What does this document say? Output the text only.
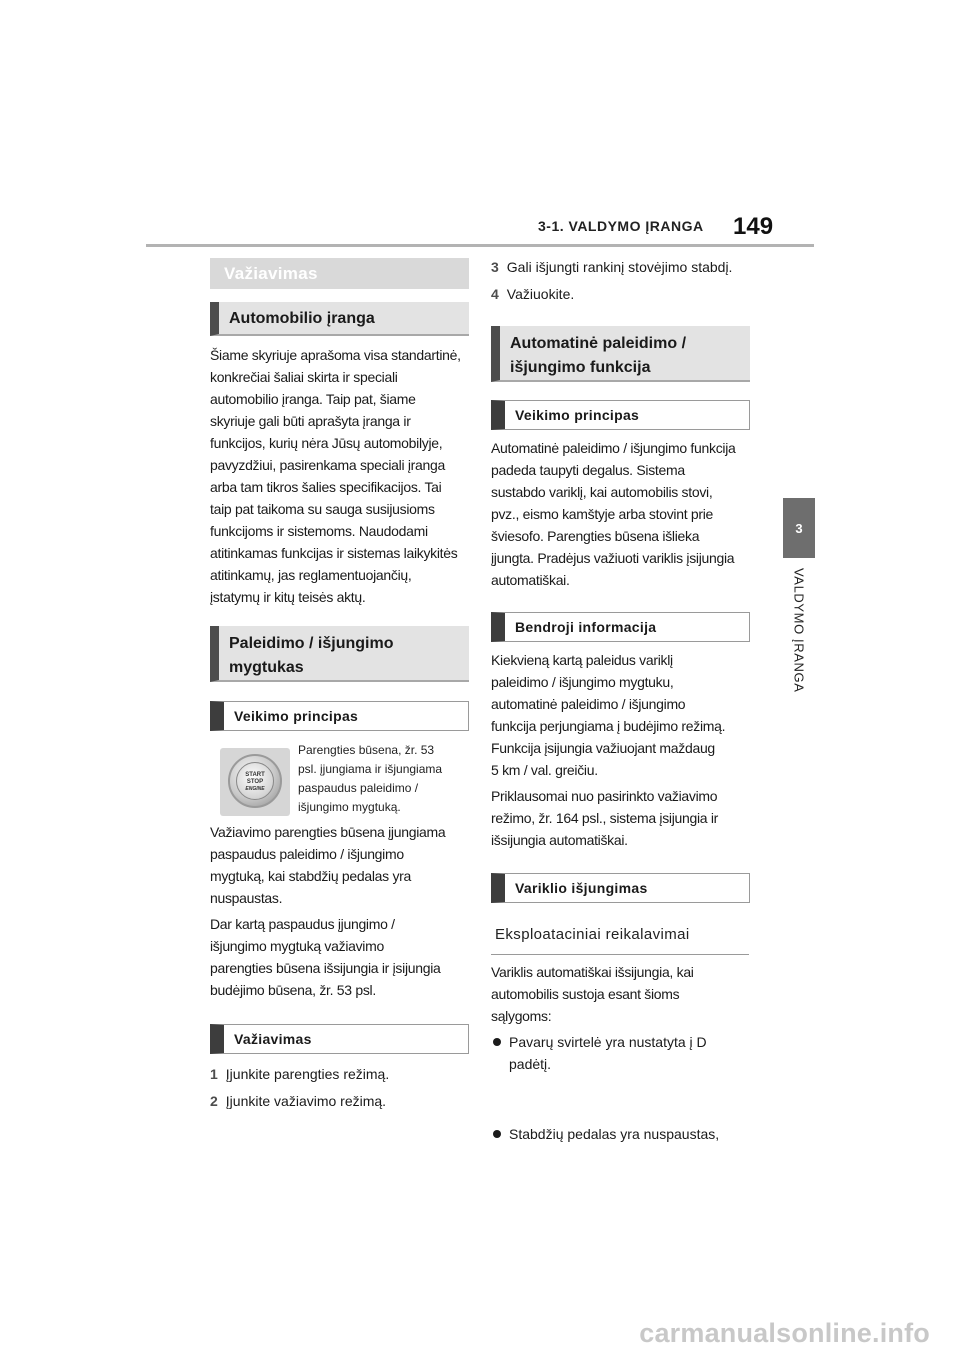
3-1. VALDYMO ĮRANGA 149
3
VALDYMO ĮRANGA
Važiavimas
Automobilio įranga
Šiame skyriuje aprašoma visa standartinė,
konkrečiai šaliai skirta ir speciali
automobilio įranga. Taip pat, šiame
skyriuje gali būti aprašyta įranga ir
funkcijos, kurių nėra Jūsų automobilyje,
pavyzdžiui, pasirenkama speciali įranga
arba tam tikros šalies specifikacijos. Tai
taip pat taikoma su sauga susijusioms
funkcijoms ir sistemoms. Naudodami
atitinkamas funkcijas ir sistemas laikykitės
atitinkamų, jas reglamentuojančių,
įstatymų ir kitų teisės aktų.
Paleidimo / išjungimo
mygtukas
Veikimo principas
START
STOP
ENGINE
Parengties būsena, žr. 53
psl. įjungiama ir išjungiama
paspaudus paleidimo /
išjungimo mygtuką.
Važiavimo parengties būsena įjungiama
paspaudus paleidimo / išjungimo
mygtuką, kai stabdžių pedalas yra
nuspaustas.
Dar kartą paspaudus įjungimo /
išjungimo mygtuką važiavimo
parengties būsena išsijungia ir įsijungia
budėjimo būsena, žr. 53 psl.
Važiavimas
1 Įjunkite parengties režimą.
2 Įjunkite važiavimo režimą.
3 Gali išjungti rankinį stovėjimo stabdį.
4 Važiuokite.
Automatinė paleidimo /
išjungimo funkcija
Veikimo principas
Automatinė paleidimo / išjungimo funkcija
padeda taupyti degalus. Sistema
sustabdo variklį, kai automobilis stovi,
pvz., eismo kamštyje arba stovint prie
šviesofo. Parengties būsena išlieka
įjungta. Pradėjus važiuoti variklis įsijungia
automatiškai.
Bendroji informacija
Kiekvieną kartą paleidus variklį
paleidimo / išjungimo mygtuku,
automatinė paleidimo / išjungimo
funkcija perjungiama į budėjimo režimą.
Funkcija įsijungia važiuojant maždaug
5 km / val. greičiu.
Priklausomai nuo pasirinkto važiavimo
režimo, žr. 164 psl., sistema įsijungia ir
išsijungia automatiškai.
Variklio išjungimas
Eksploataciniai reikalavimai
Variklis automatiškai išsijungia, kai
automobilis sustoja esant šioms
sąlygoms:
Pavarų svirtelė yra nustatyta į D
padėtį.
Stabdžių pedalas yra nuspaustas,
carmanualsonline.info
